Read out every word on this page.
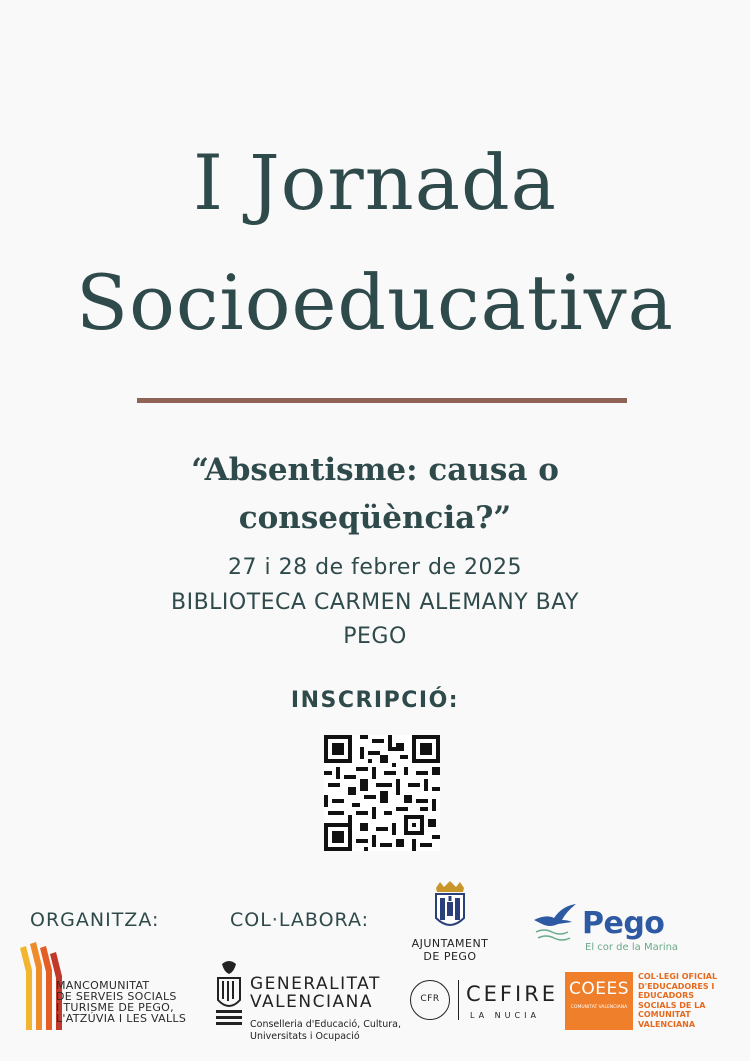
I Jornada
Socioeducativa
“Absentisme: causa o
conseqüència?”
27 i 28 de febrer de 2025
BIBLIOTECA CARMEN ALEMANY BAY
PEGO
INSCRIPCIÓ:
ORGANITZA:	COL·LABORA:
MANCOMUNITAT
DE SERVEIS SOCIALS
I TURISME DE PEGO,
L'ATZÚVIA I LES VALLS
GENERALITAT
VALENCIANA
Conselleria d'Educació, Cultura,
Universitats i Ocupació
AJUNTAMENT
DE PEGO
Pego
El cor de la Marina
CFR	CEFIRE
LA NUCIA
COEES
COMUNITAT VALENCIANA
COL·LEGI OFICIAL
D'EDUCADORES I
EDUCADORS
SOCIALS DE LA
COMUNITAT
VALENCIANA
